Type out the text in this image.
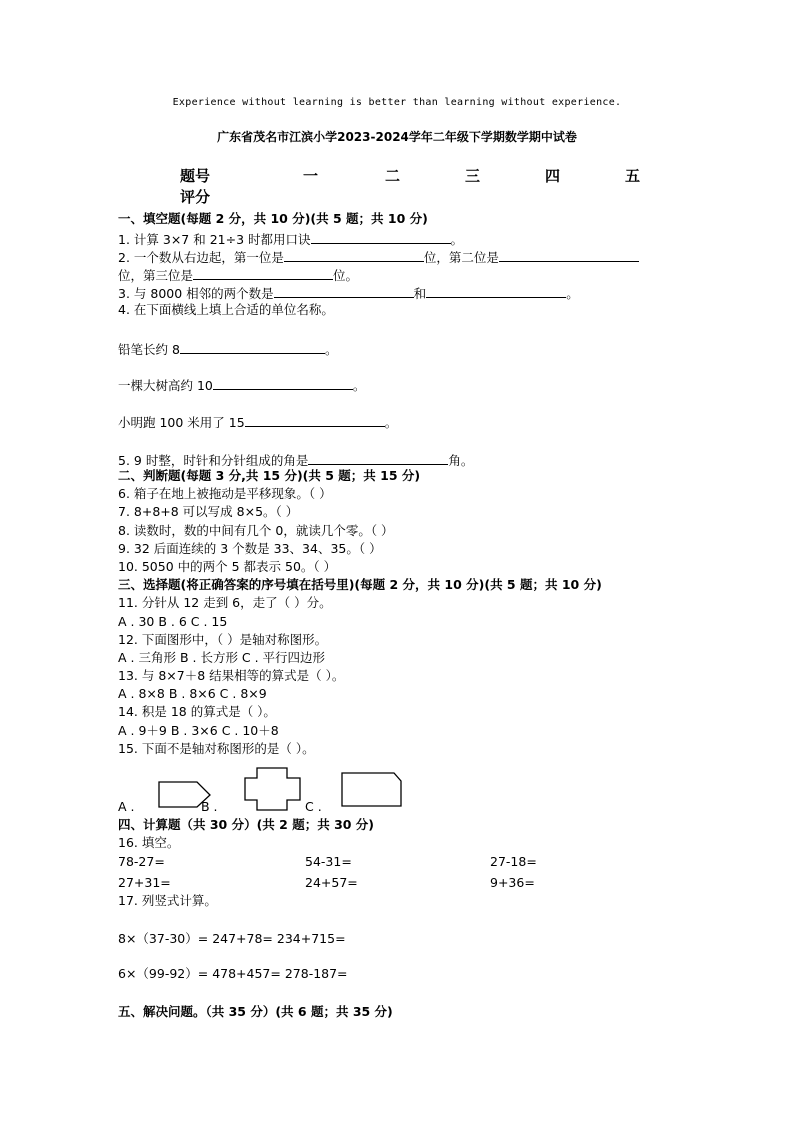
Experience without learning is better than learning without experience.
广东省茂名市江滨小学2023-2024学年二年级下学期数学期中试卷
题号	一	二	三	四	五
评分
一、填空题(每题 2 分，共 10 分)(共 5 题；共 10 分)
1. 计算 3×7 和 21÷3 时都用口诀	。
2. 一个数从右边起，第一位是	位，第二位是
位，第三位是	位。
3. 与 8000 相邻的两个数是	和	。
4. 在下面横线上填上合适的单位名称。
铅笔长约 8	。
一棵大树高约 10	。
小明跑 100 米用了 15	。
5. 9 时整，时针和分针组成的角是	角。
二、判断题(每题 3 分,共 15 分)(共 5 题；共 15 分)
6. 箱子在地上被拖动是平移现象。（ ）
7. 8+8+8 可以写成 8×5。（ ）
8. 读数时，数的中间有几个 0，就读几个零。（ ）
9. 32 后面连续的 3 个数是 33、34、35。（ ）
10. 5050 中的两个 5 都表示 50。（ ）
三、选择题(将正确答案的序号填在括号里)(每题 2 分，共 10 分)(共 5 题；共 10 分)
11. 分针从 12 走到 6，走了（ ）分。
A . 30 B . 6 C . 15
12. 下面图形中，（ ）是轴对称图形。
A . 三角形 B . 长方形 C . 平行四边形
13. 与 8×7＋8 结果相等的算式是（ ）。
A . 8×8 B . 8×6 C . 8×9
14. 积是 18 的算式是（ ）。
A . 9＋9 B . 3×6 C . 10＋8
15. 下面不是轴对称图形的是（ ）。
A .	B .	C .
四、计算题（共 30 分）(共 2 题；共 30 分)
16. 填空。
78-27=	54-31=	27-18=
27+31=	24+57=	9+36=
17. 列竖式计算。
8×（37-30）= 247+78= 234+715=
6×（99-92）= 478+457= 278-187=
五、解决问题。（共 35 分）(共 6 题；共 35 分)
